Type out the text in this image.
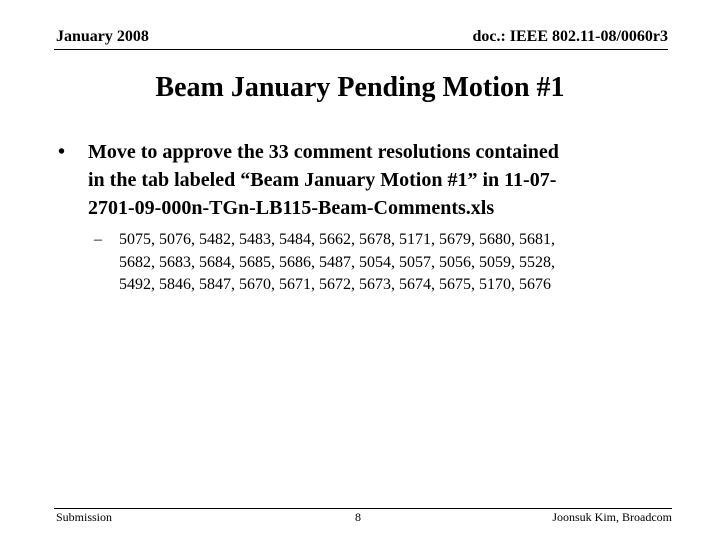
January 2008	doc.: IEEE 802.11-08/0060r3
Beam January Pending Motion #1
• Move to approve the 33 comment resolutions contained
in the tab labeled “Beam January Motion #1” in 11-07-
2701-09-000n-TGn-LB115-Beam-Comments.xls
– 5075, 5076, 5482, 5483, 5484, 5662, 5678, 5171, 5679, 5680, 5681,
5682, 5683, 5684, 5685, 5686, 5487, 5054, 5057, 5056, 5059, 5528,
5492, 5846, 5847, 5670, 5671, 5672, 5673, 5674, 5675, 5170, 5676
Submission	8	Joonsuk Kim, Broadcom
